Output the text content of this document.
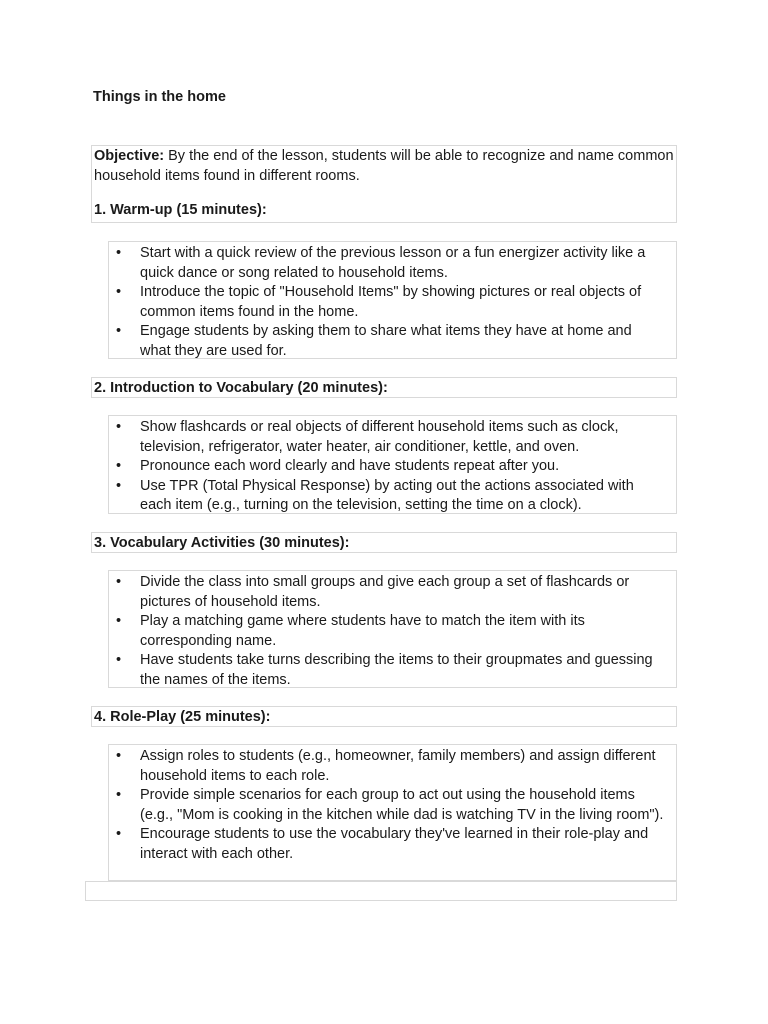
Things in the home

Objective: By the end of the lesson, students will be able to recognize and name common household items found in different rooms.

1. Warm-up (15 minutes):
• Start with a quick review of the previous lesson or a fun energizer activity like a quick dance or song related to household items.
• Introduce the topic of "Household Items" by showing pictures or real objects of common items found in the home.
• Engage students by asking them to share what items they have at home and what they are used for.
2. Introduction to Vocabulary (20 minutes):
• Show flashcards or real objects of different household items such as clock, television, refrigerator, water heater, air conditioner, kettle, and oven.
• Pronounce each word clearly and have students repeat after you.
• Use TPR (Total Physical Response) by acting out the actions associated with each item (e.g., turning on the television, setting the time on a clock).
3. Vocabulary Activities (30 minutes):
• Divide the class into small groups and give each group a set of flashcards or pictures of household items.
• Play a matching game where students have to match the item with its corresponding name.
• Have students take turns describing the items to their groupmates and guessing the names of the items.
4. Role-Play (25 minutes):
• Assign roles to students (e.g., homeowner, family members) and assign different household items to each role.
• Provide simple scenarios for each group to act out using the household items (e.g., "Mom is cooking in the kitchen while dad is watching TV in the living room").
• Encourage students to use the vocabulary they've learned in their role-play and interact with each other.
